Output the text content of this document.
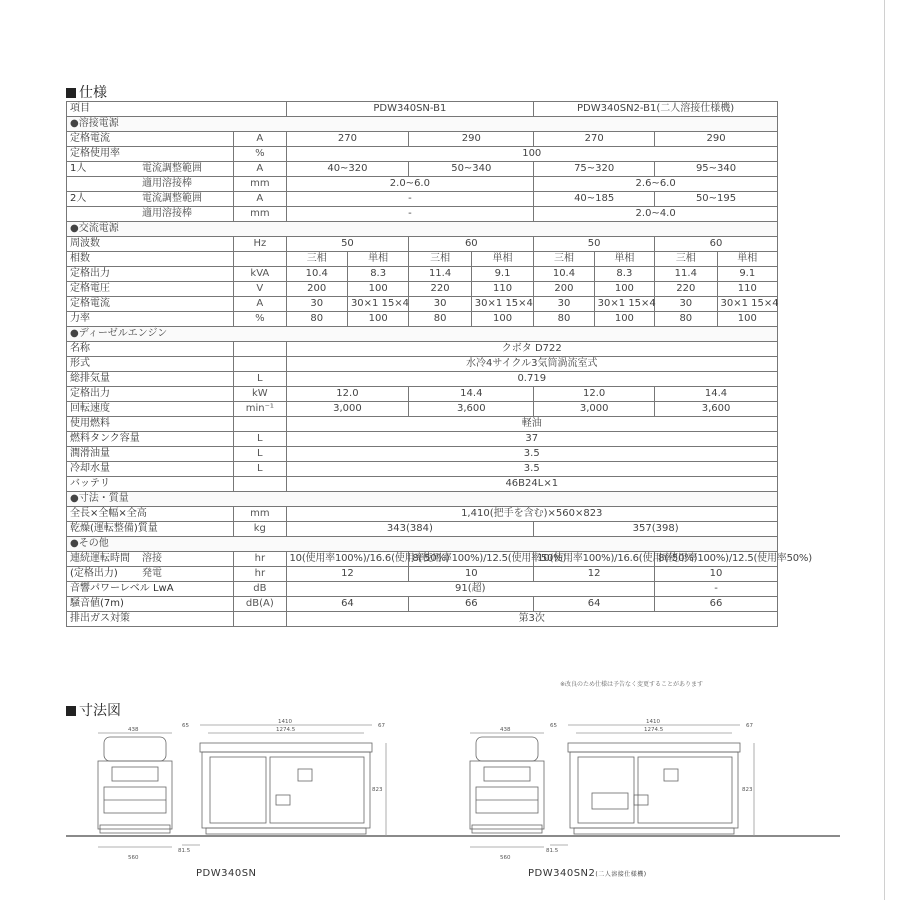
仕様
項目			PDW340SN-B1				PDW340SN2-B1(二人溶接仕様機)			
●溶接電源										
定格電流		A	270		290		270		290	
定格使用率		%	100							
1人	電流調整範囲	A	40~320		50~340		75~320		95~340	
	適用溶接棒	mm	2.0~6.0				2.6~6.0			
2人	電流調整範囲	A	-				40~185		50~195	
	適用溶接棒	mm	-				2.0~4.0			
●交流電源										
周波数		Hz	50		60		50		60	
相数			三相	単相	三相	単相	三相	単相	三相	単相
定格出力		kVA	10.4	8.3	11.4	9.1	10.4	8.3	11.4	9.1
定格電圧		V	200	100	220	110	200	100	220	110
定格電流		A	30	30×1 15×4	30	30×1 15×4	30	30×1 15×4	30	30×1 15×4
力率		%	80	100	80	100	80	100	80	100
●ディーゼルエンジン										
名称			クボタ D722							
形式			水冷4サイクル3気筒渦流室式							
総排気量		L	0.719							
定格出力		kW	12.0		14.4		12.0		14.4	
回転速度		min⁻¹	3,000		3,600		3,000		3,600	
使用燃料			軽油							
燃料タンク容量		L	37							
潤滑油量		L	3.5							
冷却水量		L	3.5							
バッテリ			46B24L×1							
●寸法・質量										
全長×全幅×全高		mm	1,410(把手を含む)×560×823							
乾燥(運転整備)質量		kg	343(384)				357(398)			
●その他										
連続運転時間	溶接	hr	10(使用率100%)/16.6(使用率50%)		8(使用率100%)/12.5(使用率50%)		10(使用率100%)/16.6(使用率50%)		8(使用率100%)/12.5(使用率50%)	
(定格出力)	発電	hr	12		10		12		10	
音響パワーレベル LwA		dB	91(超)						-	
騒音値(7m)		dB(A)	64		66		64		66	
排出ガス対策			第3次							
※改良のため仕様は予告なく変更することがあります
寸法図
438
1410
1274.5
65	67
823
560
81.5
438
1410
1274.5
65	67
823
560
81.5
PDW340SN	PDW340SN2(二人溶接仕様機)
